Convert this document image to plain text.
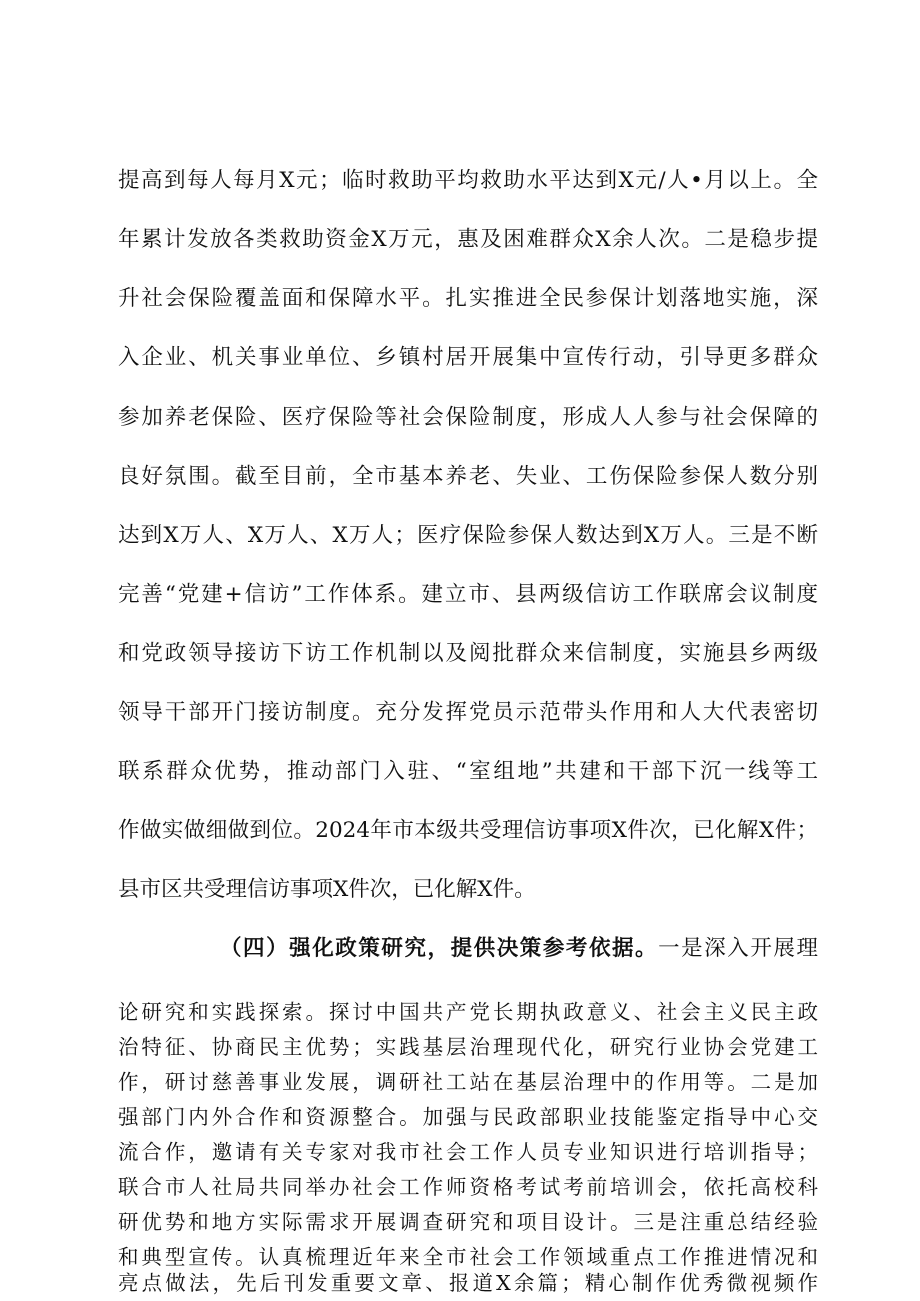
提高到每人每月X元；临时救助平均救助水平达到X元/人•月以上。全
年累计发放各类救助资金X万元，惠及困难群众X余人次。二是稳步提
升社会保险覆盖面和保障水平。扎实推进全民参保计划落地实施，深
入企业、机关事业单位、乡镇村居开展集中宣传行动，引导更多群众
参加养老保险、医疗保险等社会保险制度，形成人人参与社会保障的
良好氛围。截至目前，全市基本养老、失业、工伤保险参保人数分别
达到X万人、X万人、X万人；医疗保险参保人数达到X万人。三是不断
完善“党建+信访”工作体系。建立市、县两级信访工作联席会议制度
和党政领导接访下访工作机制以及阅批群众来信制度，实施县乡两级
领导干部开门接访制度。充分发挥党员示范带头作用和人大代表密切
联系群众优势，推动部门入驻、“室组地”共建和干部下沉一线等工
作做实做细做到位。2024年市本级共受理信访事项X件次，已化解X件；
县市区共受理信访事项X件次，已化解X件。
（四）强化政策研究，提供决策参考依据。一是深入开展理
论研究和实践探索。探讨中国共产党长期执政意义、社会主义民主政
治特征、协商民主优势；实践基层治理现代化，研究行业协会党建工
作，研讨慈善事业发展，调研社工站在基层治理中的作用等。二是加
强部门内外合作和资源整合。加强与民政部职业技能鉴定指导中心交
流合作，邀请有关专家对我市社会工作人员专业知识进行培训指导；
联合市人社局共同举办社会工作师资格考试考前培训会，依托高校科
研优势和地方实际需求开展调查研究和项目设计。三是注重总结经验
和典型宣传。认真梳理近年来全市社会工作领域重点工作推进情况和
亮点做法，先后刊发重要文章、报道X余篇；精心制作优秀微视频作
